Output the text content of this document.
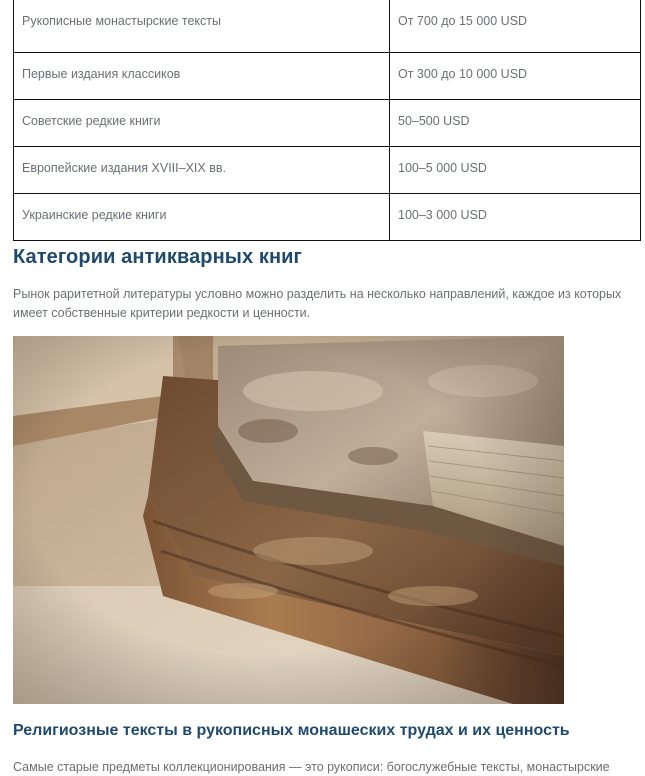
Рукописные монастырские тексты	От 700 до 15 000 USD
Первые издания классиков	От 300 до 10 000 USD
Советские редкие книги	50–500 USD
Европейские издания XVIII–XIX вв.	100–5 000 USD
Украинские редкие книги	100–3 000 USD
Категории антикварных книг

Рынок раритетной литературы условно можно разделить на несколько направлений, каждое из которых имеет собственные критерии редкости и ценности.

Религиозные тексты в рукописных монашеских трудах и их ценность

Самые старые предметы коллекционирования — это рукописи: богослужебные тексты, монастырские
